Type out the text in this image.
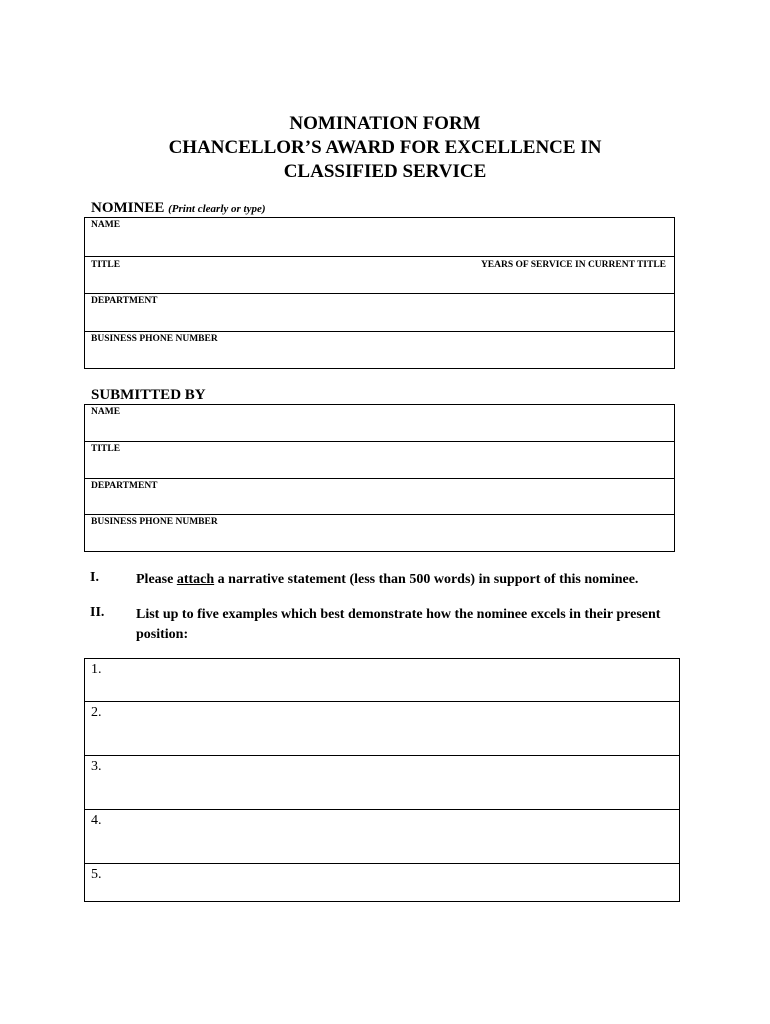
NOMINATION FORM
CHANCELLOR’S AWARD FOR EXCELLENCE IN
CLASSIFIED SERVICE
NOMINEE (Print clearly or type)
NAME
TITLE	YEARS OF SERVICE IN CURRENT TITLE
DEPARTMENT
BUSINESS PHONE NUMBER
SUBMITTED BY
NAME
TITLE
DEPARTMENT
BUSINESS PHONE NUMBER
I.	Please attach a narrative statement (less than 500 words) in support of this nominee.
II. List up to five examples which best demonstrate how the nominee excels in their present position:
1.
2.
3.
4.
5.
